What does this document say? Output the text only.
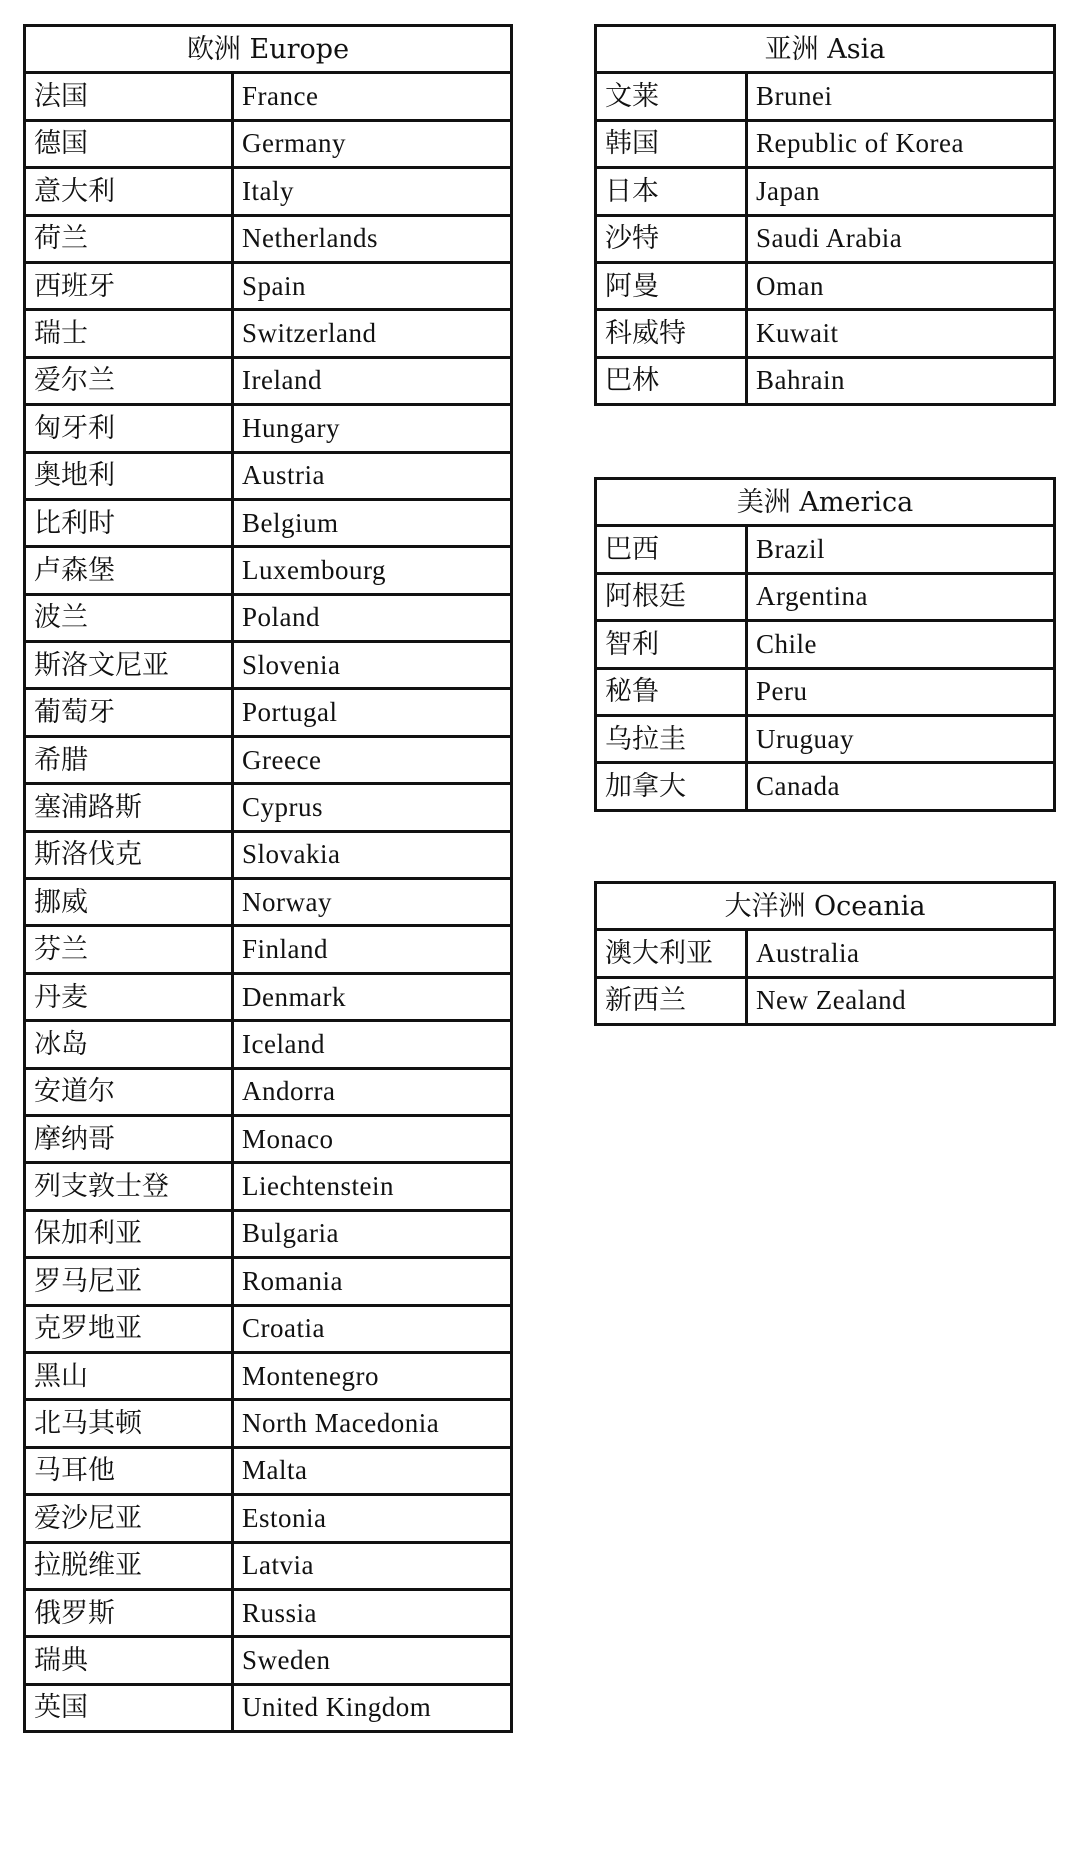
欧洲 Europe	
法国	France
德国	Germany
意大利	Italy
荷兰	Netherlands
西班牙	Spain
瑞士	Switzerland
爱尔兰	Ireland
匈牙利	Hungary
奥地利	Austria
比利时	Belgium
卢森堡	Luxembourg
波兰	Poland
斯洛文尼亚	Slovenia
葡萄牙	Portugal
希腊	Greece
塞浦路斯	Cyprus
斯洛伐克	Slovakia
挪威	Norway
芬兰	Finland
丹麦	Denmark
冰岛	Iceland
安道尔	Andorra
摩纳哥	Monaco
列支敦士登	Liechtenstein
保加利亚	Bulgaria
罗马尼亚	Romania
克罗地亚	Croatia
黑山	Montenegro
北马其顿	North Macedonia
马耳他	Malta
爱沙尼亚	Estonia
拉脱维亚	Latvia
俄罗斯	Russia
瑞典	Sweden
英国	United Kingdom
亚洲 Asia	
文莱	Brunei
韩国	Republic of Korea
日本	Japan
沙特	Saudi Arabia
阿曼	Oman
科威特	Kuwait
巴林	Bahrain
美洲 America	
巴西	Brazil
阿根廷	Argentina
智利	Chile
秘鲁	Peru
乌拉圭	Uruguay
加拿大	Canada
大洋洲 Oceania	
澳大利亚	Australia
新西兰	New Zealand
